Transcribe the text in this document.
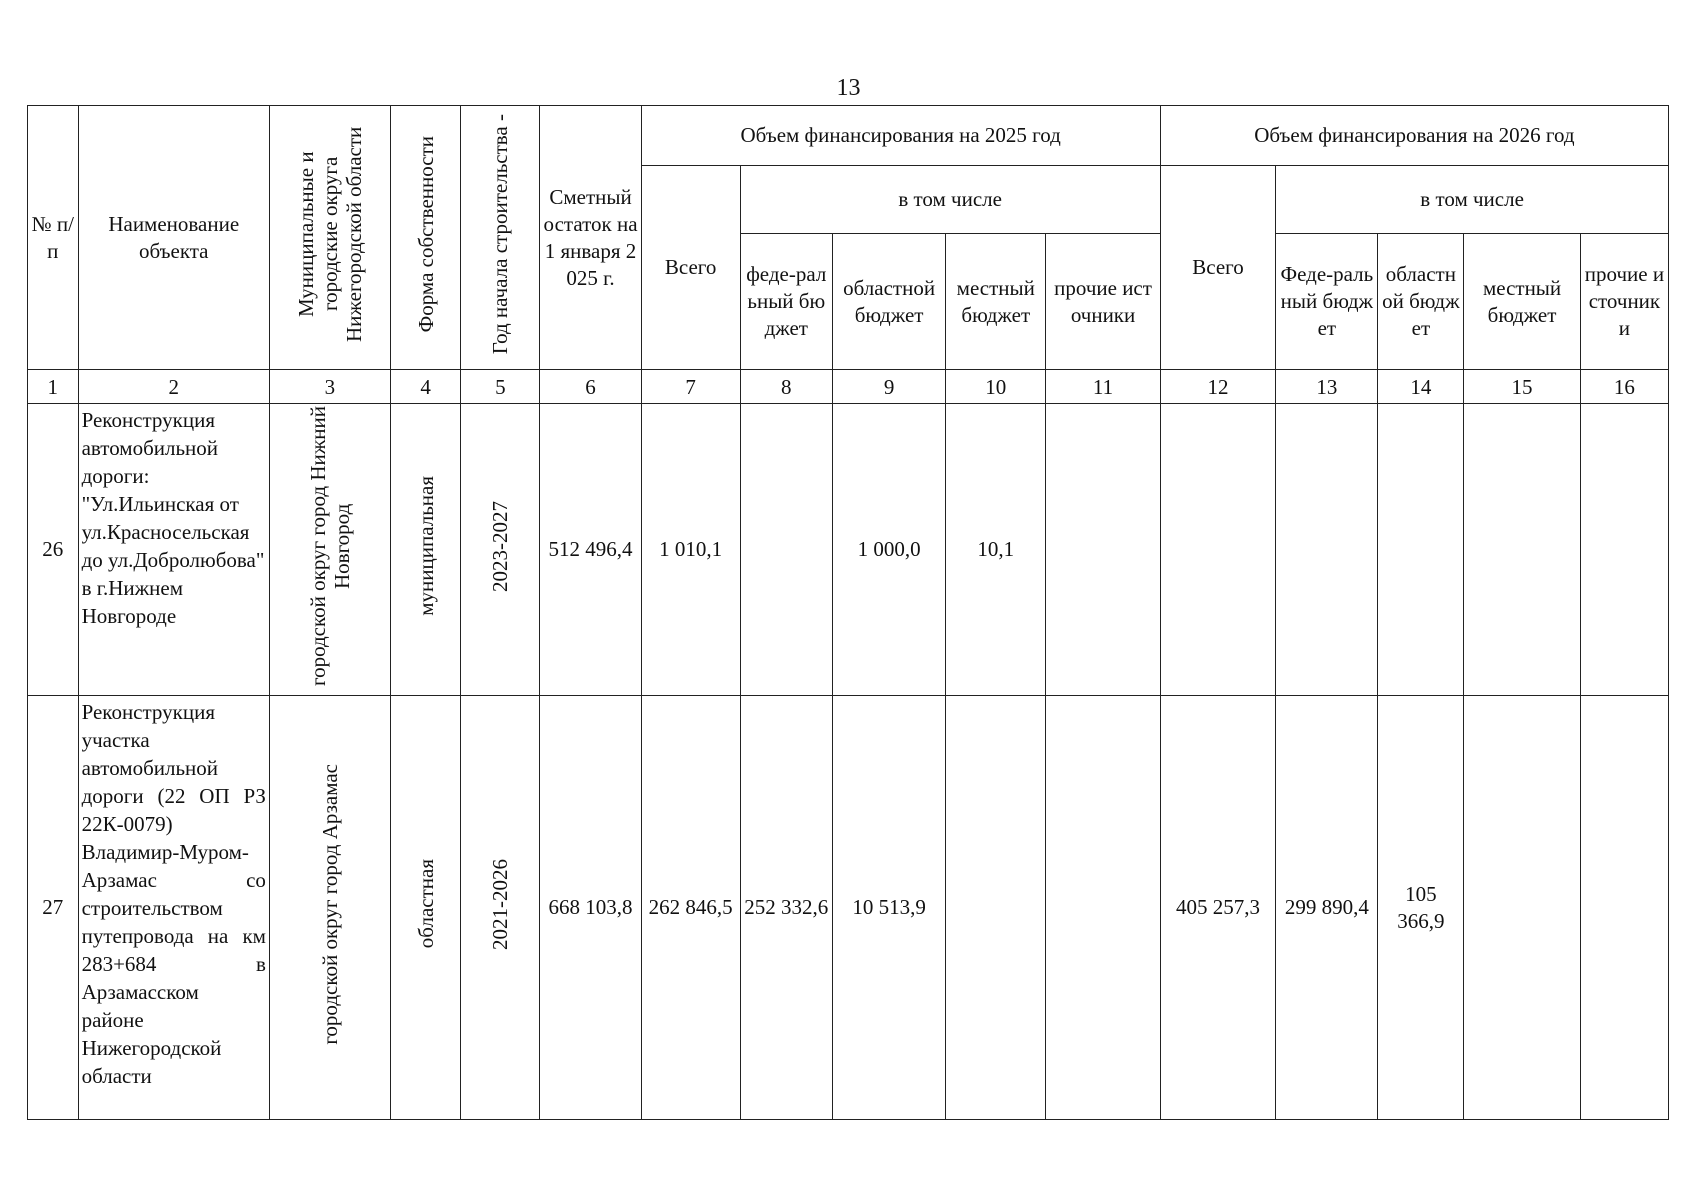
13
№ п/п	Наименование объекта	Муниципальные и городские округа Нижегородской области	Форма собственности	Год начала строительства -	Сметный остаток на 1 января 2025 г.	Объем финансирования на 2025 год					Объем финансирования на 2026 год				
						Всего	в том числе				Всего	в том числе			
							феде-ральный бюджет	областной бюджет	местный бюджет	прочие источники		Феде-ральный бюджет	областной бюджет	местный бюджет	прочие источники
1	2	3	4	5	6	7	8	9	10	11	12	13	14	15	16
26	Реконструкция автомобильной дороги: "Ул.Ильинская от ул.Красносельская до ул.Добролюбова" в г.Нижнем Новгороде	городской округ город Нижний Новгород	муниципальная	2023-2027	512 496,4	1 010,1		1 000,0	10,1						
27	Реконструкция участка автомобильной дороги (22 ОП РЗ 22К-0079) Владимир-Муром-Арзамас со строительством путепровода на км 283+684 в Арзамасском районе Нижегородской области	городской округ город Арзамас	областная	2021-2026	668 103,8	262 846,5	252 332,6	10 513,9			405 257,3	299 890,4	105 366,9		
